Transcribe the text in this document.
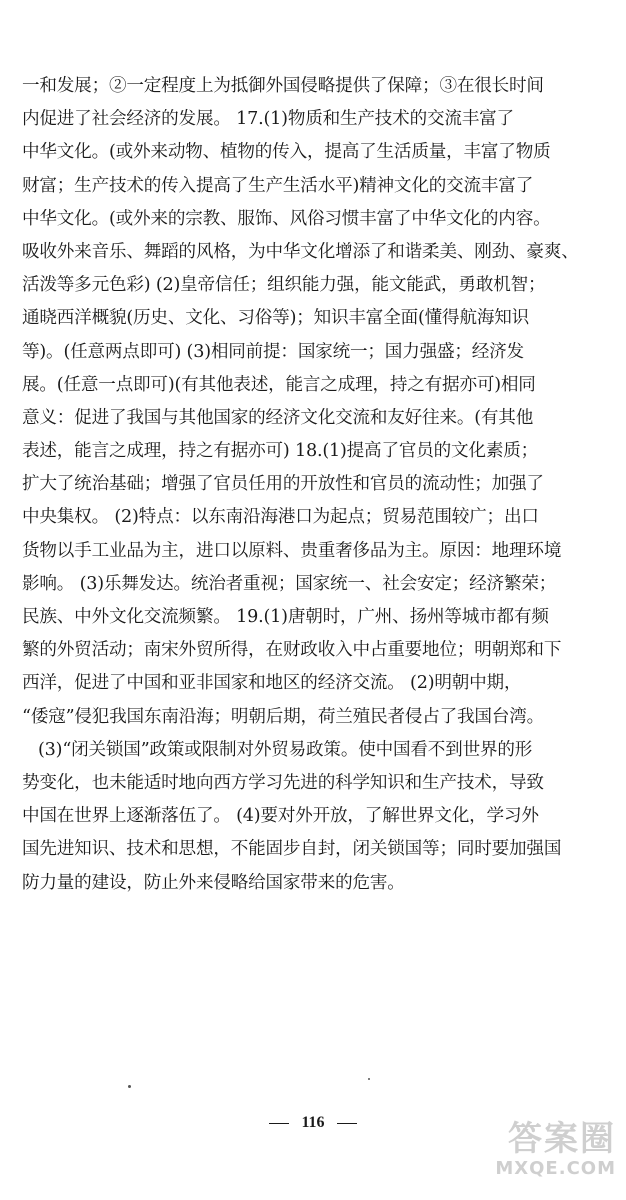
一和发展；②一定程度上为抵御外国侵略提供了保障；③在很长时间
内促进了社会经济的发展。 17.(1)物质和生产技术的交流丰富了
中华文化。(或外来动物、植物的传入，提高了生活质量，丰富了物质
财富；生产技术的传入提高了生产生活水平)精神文化的交流丰富了
中华文化。(或外来的宗教、服饰、风俗习惯丰富了中华文化的内容。
吸收外来音乐、舞蹈的风格，为中华文化增添了和谐柔美、刚劲、豪爽、
活泼等多元色彩) (2)皇帝信任；组织能力强，能文能武，勇敢机智；
通晓西洋概貌(历史、文化、习俗等)；知识丰富全面(懂得航海知识
等)。(任意两点即可) (3)相同前提：国家统一；国力强盛；经济发
展。(任意一点即可)(有其他表述，能言之成理，持之有据亦可)相同
意义：促进了我国与其他国家的经济文化交流和友好往来。(有其他
表述，能言之成理，持之有据亦可) 18.(1)提高了官员的文化素质；
扩大了统治基础；增强了官员任用的开放性和官员的流动性；加强了
中央集权。 (2)特点：以东南沿海港口为起点；贸易范围较广；出口
货物以手工业品为主，进口以原料、贵重奢侈品为主。原因：地理环境
影响。 (3)乐舞发达。统治者重视；国家统一、社会安定；经济繁荣；
民族、中外文化交流频繁。 19.(1)唐朝时，广州、扬州等城市都有频
繁的外贸活动；南宋外贸所得，在财政收入中占重要地位；明朝郑和下
西洋，促进了中国和亚非国家和地区的经济交流。 (2)明朝中期，
“倭寇”侵犯我国东南沿海；明朝后期，荷兰殖民者侵占了我国台湾。
(3)“闭关锁国”政策或限制对外贸易政策。使中国看不到世界的形
势变化，也未能适时地向西方学习先进的科学知识和生产技术，导致
中国在世界上逐渐落伍了。 (4)要对外开放，了解世界文化，学习外
国先进知识、技术和思想，不能固步自封，闭关锁国等；同时要加强国
防力量的建设，防止外来侵略给国家带来的危害。
116	答案圈
MXQE.COM
